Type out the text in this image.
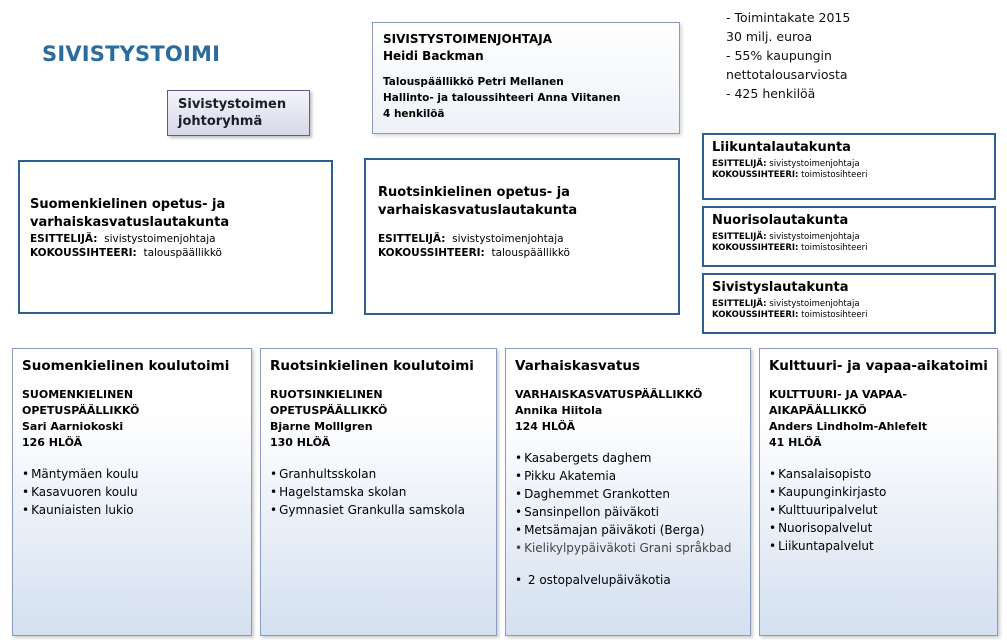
SIVISTYSTOIMI
Sivistystoimen johtoryhmä
SIVISTYSTOIMENJOHTAJA
Heidi Backman
Talouspäällikkö Petri Mellanen
Hallinto- ja taloussihteeri Anna Viitanen
4 henkilöä
- Toimintakate 2015
30 milj. euroa
- 55% kaupungin
nettotalousarviosta
- 425 henkilöä
Suomenkielinen opetus- ja varhaiskasvatuslautakunta
ESITTELIJÄ: sivistystoimenjohtaja
KOKOUSSIHTEERI: talouspäällikkö
Ruotsinkielinen opetus- ja varhaiskasvatuslautakunta
ESITTELIJÄ: sivistystoimenjohtaja
KOKOUSSIHTEERI: talouspäällikkö
Liikuntalautakunta
ESITTELIJÄ: sivistystoimenjohtaja
KOKOUSSIHTEERI: toimistosihteeri
Nuorisolautakunta
ESITTELIJÄ: sivistystoimenjohtaja
KOKOUSSIHTEERI: toimistosihteeri
Sivistyslautakunta
ESITTELIJÄ: sivistystoimenjohtaja
KOKOUSSIHTEERI: toimistosihteeri
Suomenkielinen koulutoimi
SUOMENKIELINEN OPETUSPÄÄLLIKKÖ
Sari Aarniokoski
126 HLÖÄ
• Mäntymäen koulu
• Kasavuoren koulu
• Kauniaisten lukio
Ruotsinkielinen koulutoimi
RUOTSINKIELINEN OPETUSPÄÄLLIKKÖ
Bjarne Molllgren
130 HLÖÄ
• Granhultsskolan
• Hagelstamska skolan
• Gymnasiet Grankulla samskola
Varhaiskasvatus
VARHAISKASVATUSPÄÄLLIKKÖ
Annika Hiitola
124 HLÖÄ
• Kasabergets daghem
• Pikku Akatemia
• Daghemmet Grankotten
• Sansinpellon päiväkoti
• Metsämajan päiväkoti (Berga)
• Kielikylpypäiväkoti Grani språkbad
• 2 ostopalvelupäiväkotia
Kulttuuri- ja vapaa-aikatoimi
KULTTUURI- JA VAPAA-AIKAPÄÄLLIKKÖ
Anders Lindholm-Ahlefelt
41 HLÖÄ
• Kansalaisopisto
• Kaupunginkirjasto
• Kulttuuripalvelut
• Nuorisopalvelut
• Liikuntapalvelut
